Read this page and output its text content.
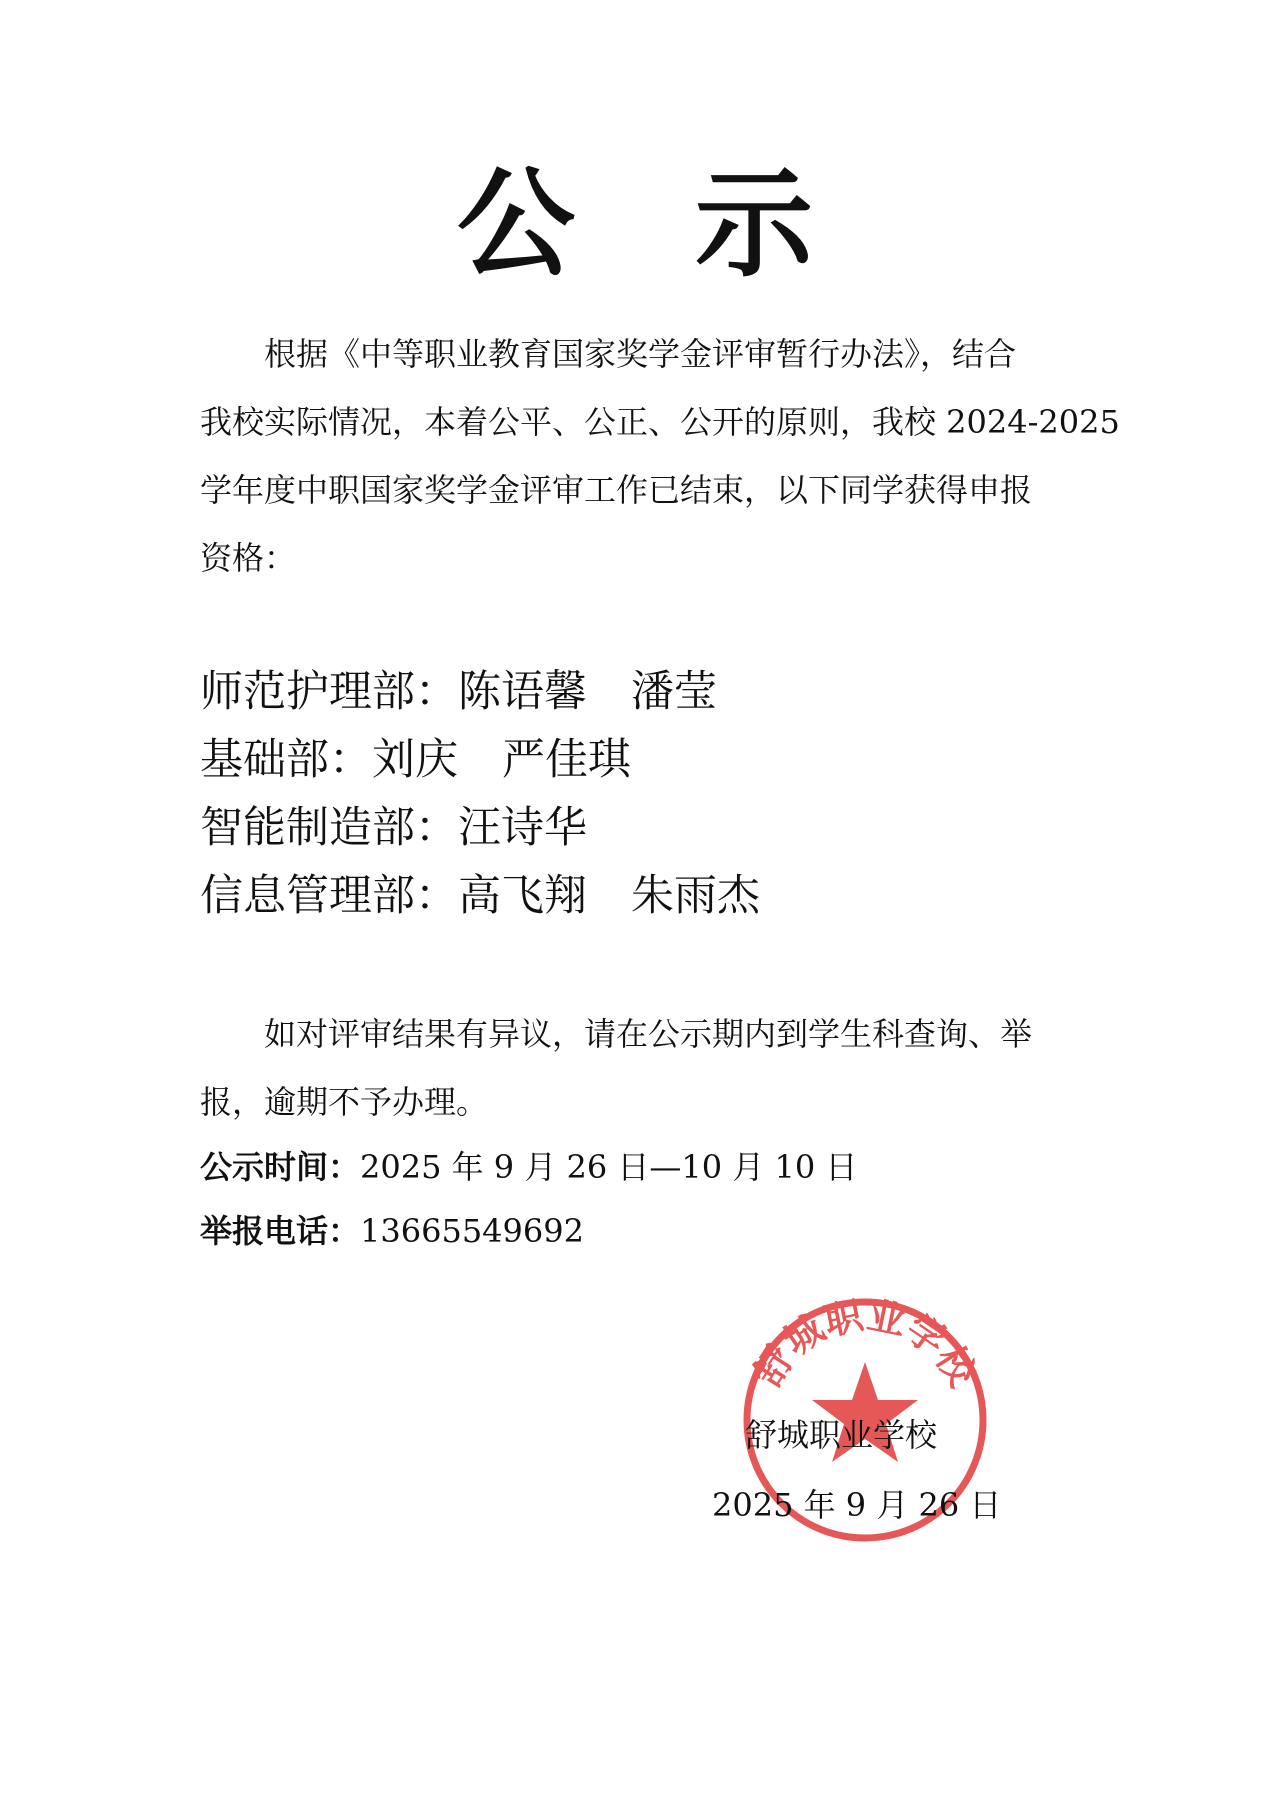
公 示
根据《中等职业教育国家奖学金评审暂行办法》，结合
我校实际情况，本着公平、公正、公开的原则，我校 2024-2025
学年度中职国家奖学金评审工作已结束，以下同学获得申报
资格：
师范护理部：陈语馨 潘莹
基础部：刘庆 严佳琪
智能制造部：汪诗华
信息管理部：高飞翔 朱雨杰
如对评审结果有异议，请在公示期内到学生科查询、举
报，逾期不予办理。
公示时间：2025 年 9 月 26 日—10 月 10 日
举报电话：13665549692
舒城职业学校
舒城职业学校
2025 年 9 月 26 日
